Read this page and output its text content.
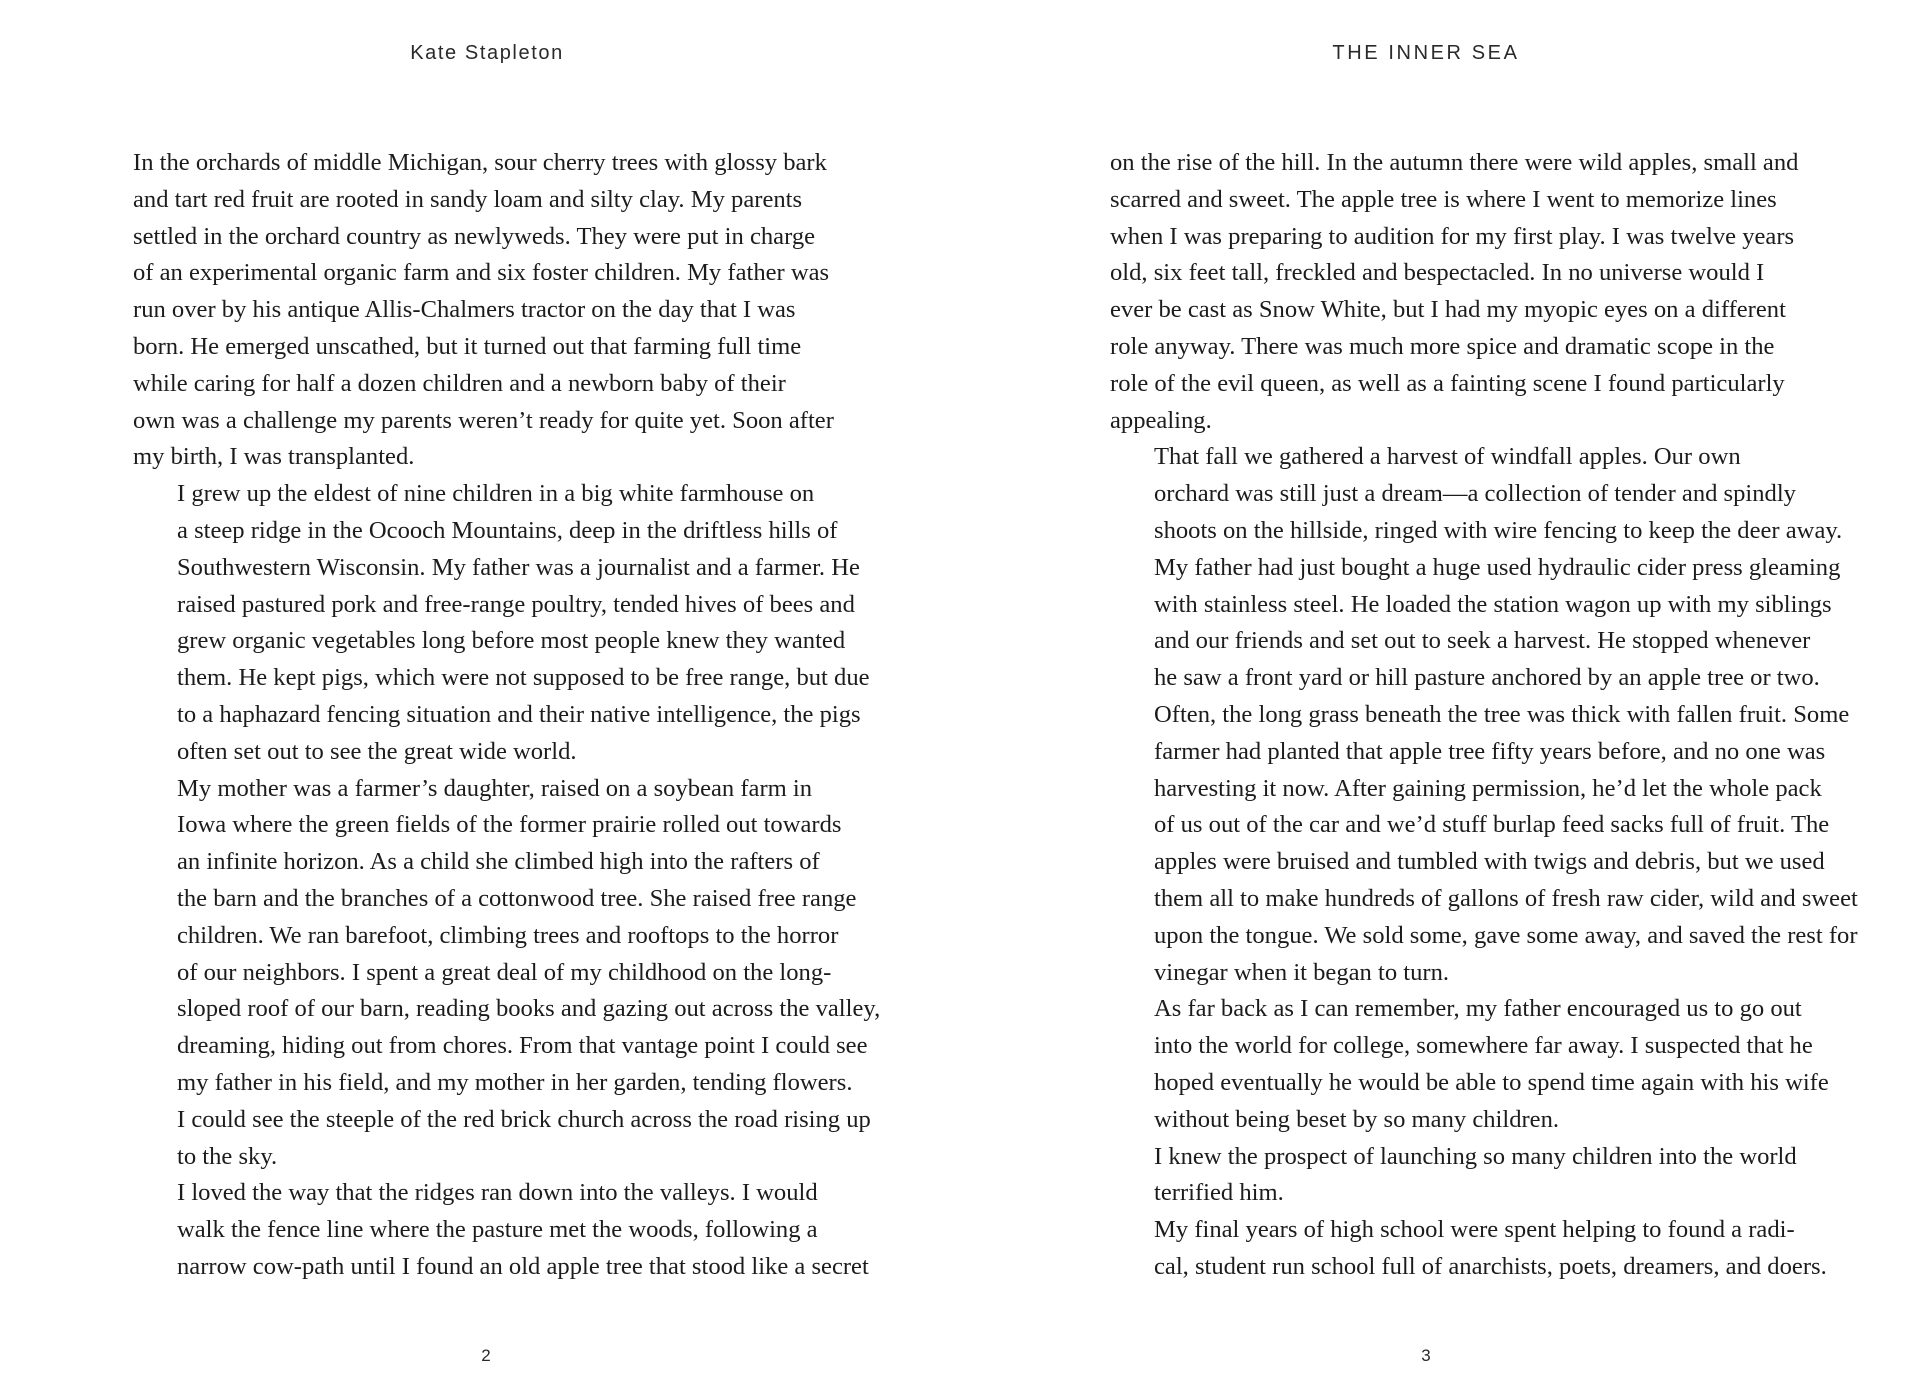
Kate Stapleton

In the orchards of middle Michigan, sour cherry trees with glossy bark
and tart red fruit are rooted in sandy loam and silty clay. My parents
settled in the orchard country as newlyweds. They were put in charge
of an experimental organic farm and six foster children. My father was
run over by his antique Allis-Chalmers tractor on the day that I was
born. He emerged unscathed, but it turned out that farming full time
while caring for half a dozen children and a newborn baby of their
own was a challenge my parents weren’t ready for quite yet. Soon after
my birth, I was transplanted.

I grew up the eldest of nine children in a big white farmhouse on
a steep ridge in the Ocooch Mountains, deep in the driftless hills of
Southwestern Wisconsin. My father was a journalist and a farmer. He
raised pastured pork and free-range poultry, tended hives of bees and
grew organic vegetables long before most people knew they wanted
them. He kept pigs, which were not supposed to be free range, but due
to a haphazard fencing situation and their native intelligence, the pigs
often set out to see the great wide world.

My mother was a farmer’s daughter, raised on a soybean farm in
Iowa where the green fields of the former prairie rolled out towards
an infinite horizon. As a child she climbed high into the rafters of
the barn and the branches of a cottonwood tree. She raised free range
children. We ran barefoot, climbing trees and rooftops to the horror
of our neighbors. I spent a great deal of my childhood on the long-
sloped roof of our barn, reading books and gazing out across the valley,
dreaming, hiding out from chores. From that vantage point I could see
my father in his field, and my mother in her garden, tending flowers.
I could see the steeple of the red brick church across the road rising up
to the sky.

I loved the way that the ridges ran down into the valleys. I would
walk the fence line where the pasture met the woods, following a
narrow cow-path until I found an old apple tree that stood like a secret

2
THE INNER SEA

on the rise of the hill. In the autumn there were wild apples, small and
scarred and sweet. The apple tree is where I went to memorize lines
when I was preparing to audition for my first play. I was twelve years
old, six feet tall, freckled and bespectacled. In no universe would I
ever be cast as Snow White, but I had my myopic eyes on a different
role anyway. There was much more spice and dramatic scope in the
role of the evil queen, as well as a fainting scene I found particularly
appealing.

That fall we gathered a harvest of windfall apples. Our own
orchard was still just a dream—a collection of tender and spindly
shoots on the hillside, ringed with wire fencing to keep the deer away.
My father had just bought a huge used hydraulic cider press gleaming
with stainless steel. He loaded the station wagon up with my siblings
and our friends and set out to seek a harvest. He stopped whenever
he saw a front yard or hill pasture anchored by an apple tree or two.
Often, the long grass beneath the tree was thick with fallen fruit. Some
farmer had planted that apple tree fifty years before, and no one was
harvesting it now. After gaining permission, he’d let the whole pack
of us out of the car and we’d stuff burlap feed sacks full of fruit. The
apples were bruised and tumbled with twigs and debris, but we used
them all to make hundreds of gallons of fresh raw cider, wild and sweet
upon the tongue. We sold some, gave some away, and saved the rest for
vinegar when it began to turn.

As far back as I can remember, my father encouraged us to go out
into the world for college, somewhere far away. I suspected that he
hoped eventually he would be able to spend time again with his wife
without being beset by so many children.

I knew the prospect of launching so many children into the world
terrified him.

My final years of high school were spent helping to found a radi-
cal, student run school full of anarchists, poets, dreamers, and doers.

3
